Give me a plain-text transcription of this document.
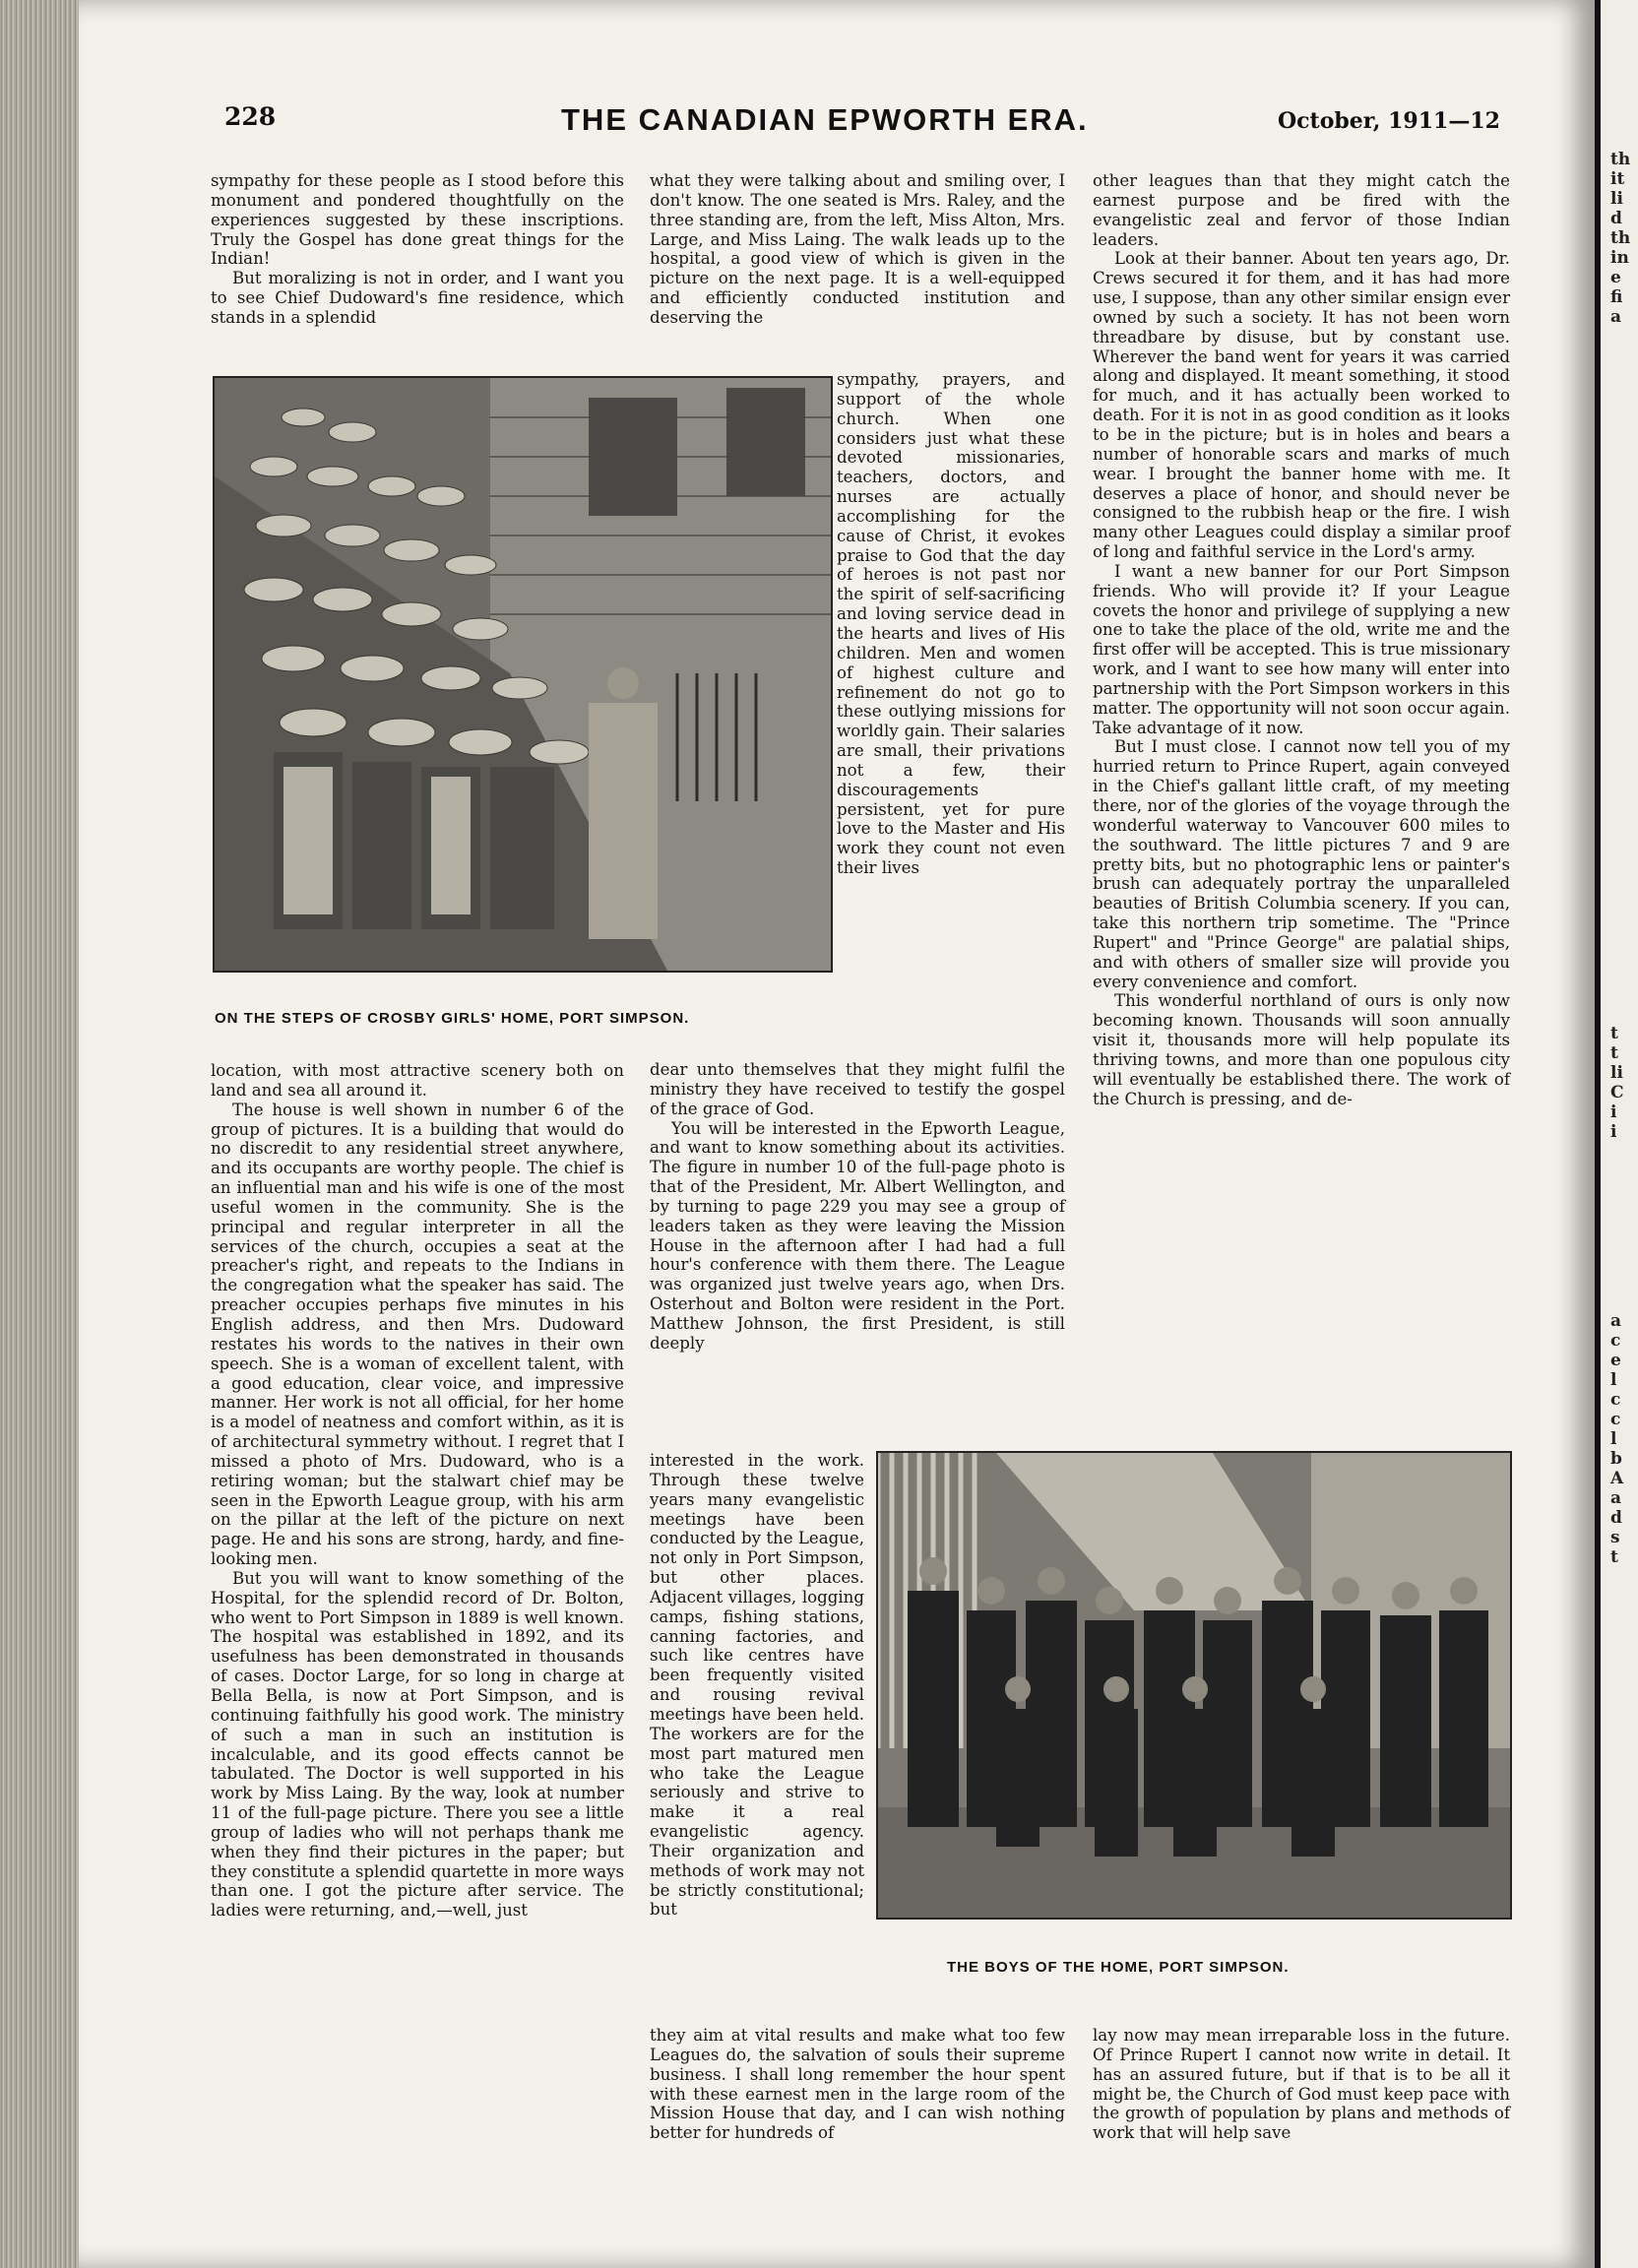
228	THE CANADIAN EPWORTH ERA.	October, 1911—12

sympathy for these people as I stood before this monument and pondered thoughtfully on the experiences suggested by these inscriptions. Truly the Gospel has done great things for the Indian!

But moralizing is not in order, and I want you to see Chief Dudoward's fine residence, which stands in a splendid

location, with most attractive scenery both on land and sea all around it.

The house is well shown in number 6 of the group of pictures. It is a building that would do no discredit to any residential street anywhere, and its occupants are worthy people. The chief is an influential man and his wife is one of the most useful women in the community. She is the principal and regular interpreter in all the services of the church, occupies a seat at the preacher's right, and repeats to the Indians in the congregation what the speaker has said. The preacher occupies perhaps five minutes in his English address, and then Mrs. Dudoward restates his words to the natives in their own speech. She is a woman of excellent talent, with a good education, clear voice, and impressive manner. Her work is not all official, for her home is a model of neatness and comfort within, as it is of architectural symmetry without. I regret that I missed a photo of Mrs. Dudoward, who is a retiring woman; but the stalwart chief may be seen in the Epworth League group, with his arm on the pillar at the left of the picture on next page. He and his sons are strong, hardy, and fine-looking men.

But you will want to know something of the Hospital, for the splendid record of Dr. Bolton, who went to Port Simpson in 1889 is well known. The hospital was established in 1892, and its usefulness has been demonstrated in thousands of cases. Doctor Large, for so long in charge at Bella Bella, is now at Port Simpson, and is continuing faithfully his good work. The ministry of such a man in such an institution is incalculable, and its good effects cannot be tabulated. The Doctor is well supported in his work by Miss Laing. By the way, look at number 11 of the full-page picture. There you see a little group of ladies who will not perhaps thank me when they find their pictures in the paper; but they constitute a splendid quartette in more ways than one. I got the picture after service. The ladies were returning, and,—well, just

what they were talking about and smiling over, I don't know. The one seated is Mrs. Raley, and the three standing are, from the left, Miss Alton, Mrs. Large, and Miss Laing. The walk leads up to the hospital, a good view of which is given in the picture on the next page. It is a well-equipped and efficiently conducted institution and deserving the

sympathy, prayers, and support of the whole church. When one considers just what these devoted missionaries, teachers, doctors, and nurses are actually accomplishing for the cause of Christ, it evokes praise to God that the day of heroes is not past nor the spirit of self-sacrificing and loving service dead in the hearts and lives of His children. Men and women of highest culture and refinement do not go to these outlying missions for worldly gain. Their salaries are small, their privations not a few, their discouragements persistent, yet for pure love to the Master and His work they count not even their lives

dear unto themselves that they might fulfil the ministry they have received to testify the gospel of the grace of God.

You will be interested in the Epworth League, and want to know something about its activities. The figure in number 10 of the full-page photo is that of the President, Mr. Albert Wellington, and by turning to page 229 you may see a group of leaders taken as they were leaving the Mission House in the afternoon after I had had a full hour's conference with them there. The League was organized just twelve years ago, when Drs. Osterhout and Bolton were resident in the Port. Matthew Johnson, the first President, is still deeply

interested in the work. Through these twelve years many evangelistic meetings have been conducted by the League, not only in Port Simpson, but other places. Adjacent villages, logging camps, fishing stations, canning factories, and such like centres have been frequently visited and rousing revival meetings have been held. The workers are for the most part matured men who take the League seriously and strive to make it a real evangelistic agency. Their organization and methods of work may not be strictly constitutional; but

they aim at vital results and make what too few Leagues do, the salvation of souls their supreme business. I shall long remember the hour spent with these earnest men in the large room of the Mission House that day, and I can wish nothing better for hundreds of

other leagues than that they might catch the earnest purpose and be fired with the evangelistic zeal and fervor of those Indian leaders.

Look at their banner. About ten years ago, Dr. Crews secured it for them, and it has had more use, I suppose, than any other similar ensign ever owned by such a society. It has not been worn threadbare by disuse, but by constant use. Wherever the band went for years it was carried along and displayed. It meant something, it stood for much, and it has actually been worked to death. For it is not in as good condition as it looks to be in the picture; but is in holes and bears a number of honorable scars and marks of much wear. I brought the banner home with me. It deserves a place of honor, and should never be consigned to the rubbish heap or the fire. I wish many other Leagues could display a similar proof of long and faithful service in the Lord's army.

I want a new banner for our Port Simpson friends. Who will provide it? If your League covets the honor and privilege of supplying a new one to take the place of the old, write me and the first offer will be accepted. This is true missionary work, and I want to see how many will enter into partnership with the Port Simpson workers in this matter. The opportunity will not soon occur again. Take advantage of it now.

But I must close. I cannot now tell you of my hurried return to Prince Rupert, again conveyed in the Chief's gallant little craft, of my meeting there, nor of the glories of the voyage through the wonderful waterway to Vancouver 600 miles to the southward. The little pictures 7 and 9 are pretty bits, but no photographic lens or painter's brush can adequately portray the unparalleled beauties of British Columbia scenery. If you can, take this northern trip sometime. The "Prince Rupert" and "Prince George" are palatial ships, and with others of smaller size will provide you every convenience and comfort.

This wonderful northland of ours is only now becoming known. Thousands will soon annually visit it, thousands more will help populate its thriving towns, and more than one populous city will eventually be established there. The work of the Church is pressing, and de-

lay now may mean irreparable loss in the future. Of Prince Rupert I cannot now write in detail. It has an assured future, but if that is to be all it might be, the Church of God must keep pace with the growth of population by plans and methods of work that will help save

ON THE STEPS OF CROSBY GIRLS' HOME, PORT SIMPSON.
THE BOYS OF THE HOME, PORT SIMPSON.
th
it
li
d
th
in
e
fi
a
t
t
li
C
i
i
a
c
e
l
c
c
l
b
A
a
d
s
t
